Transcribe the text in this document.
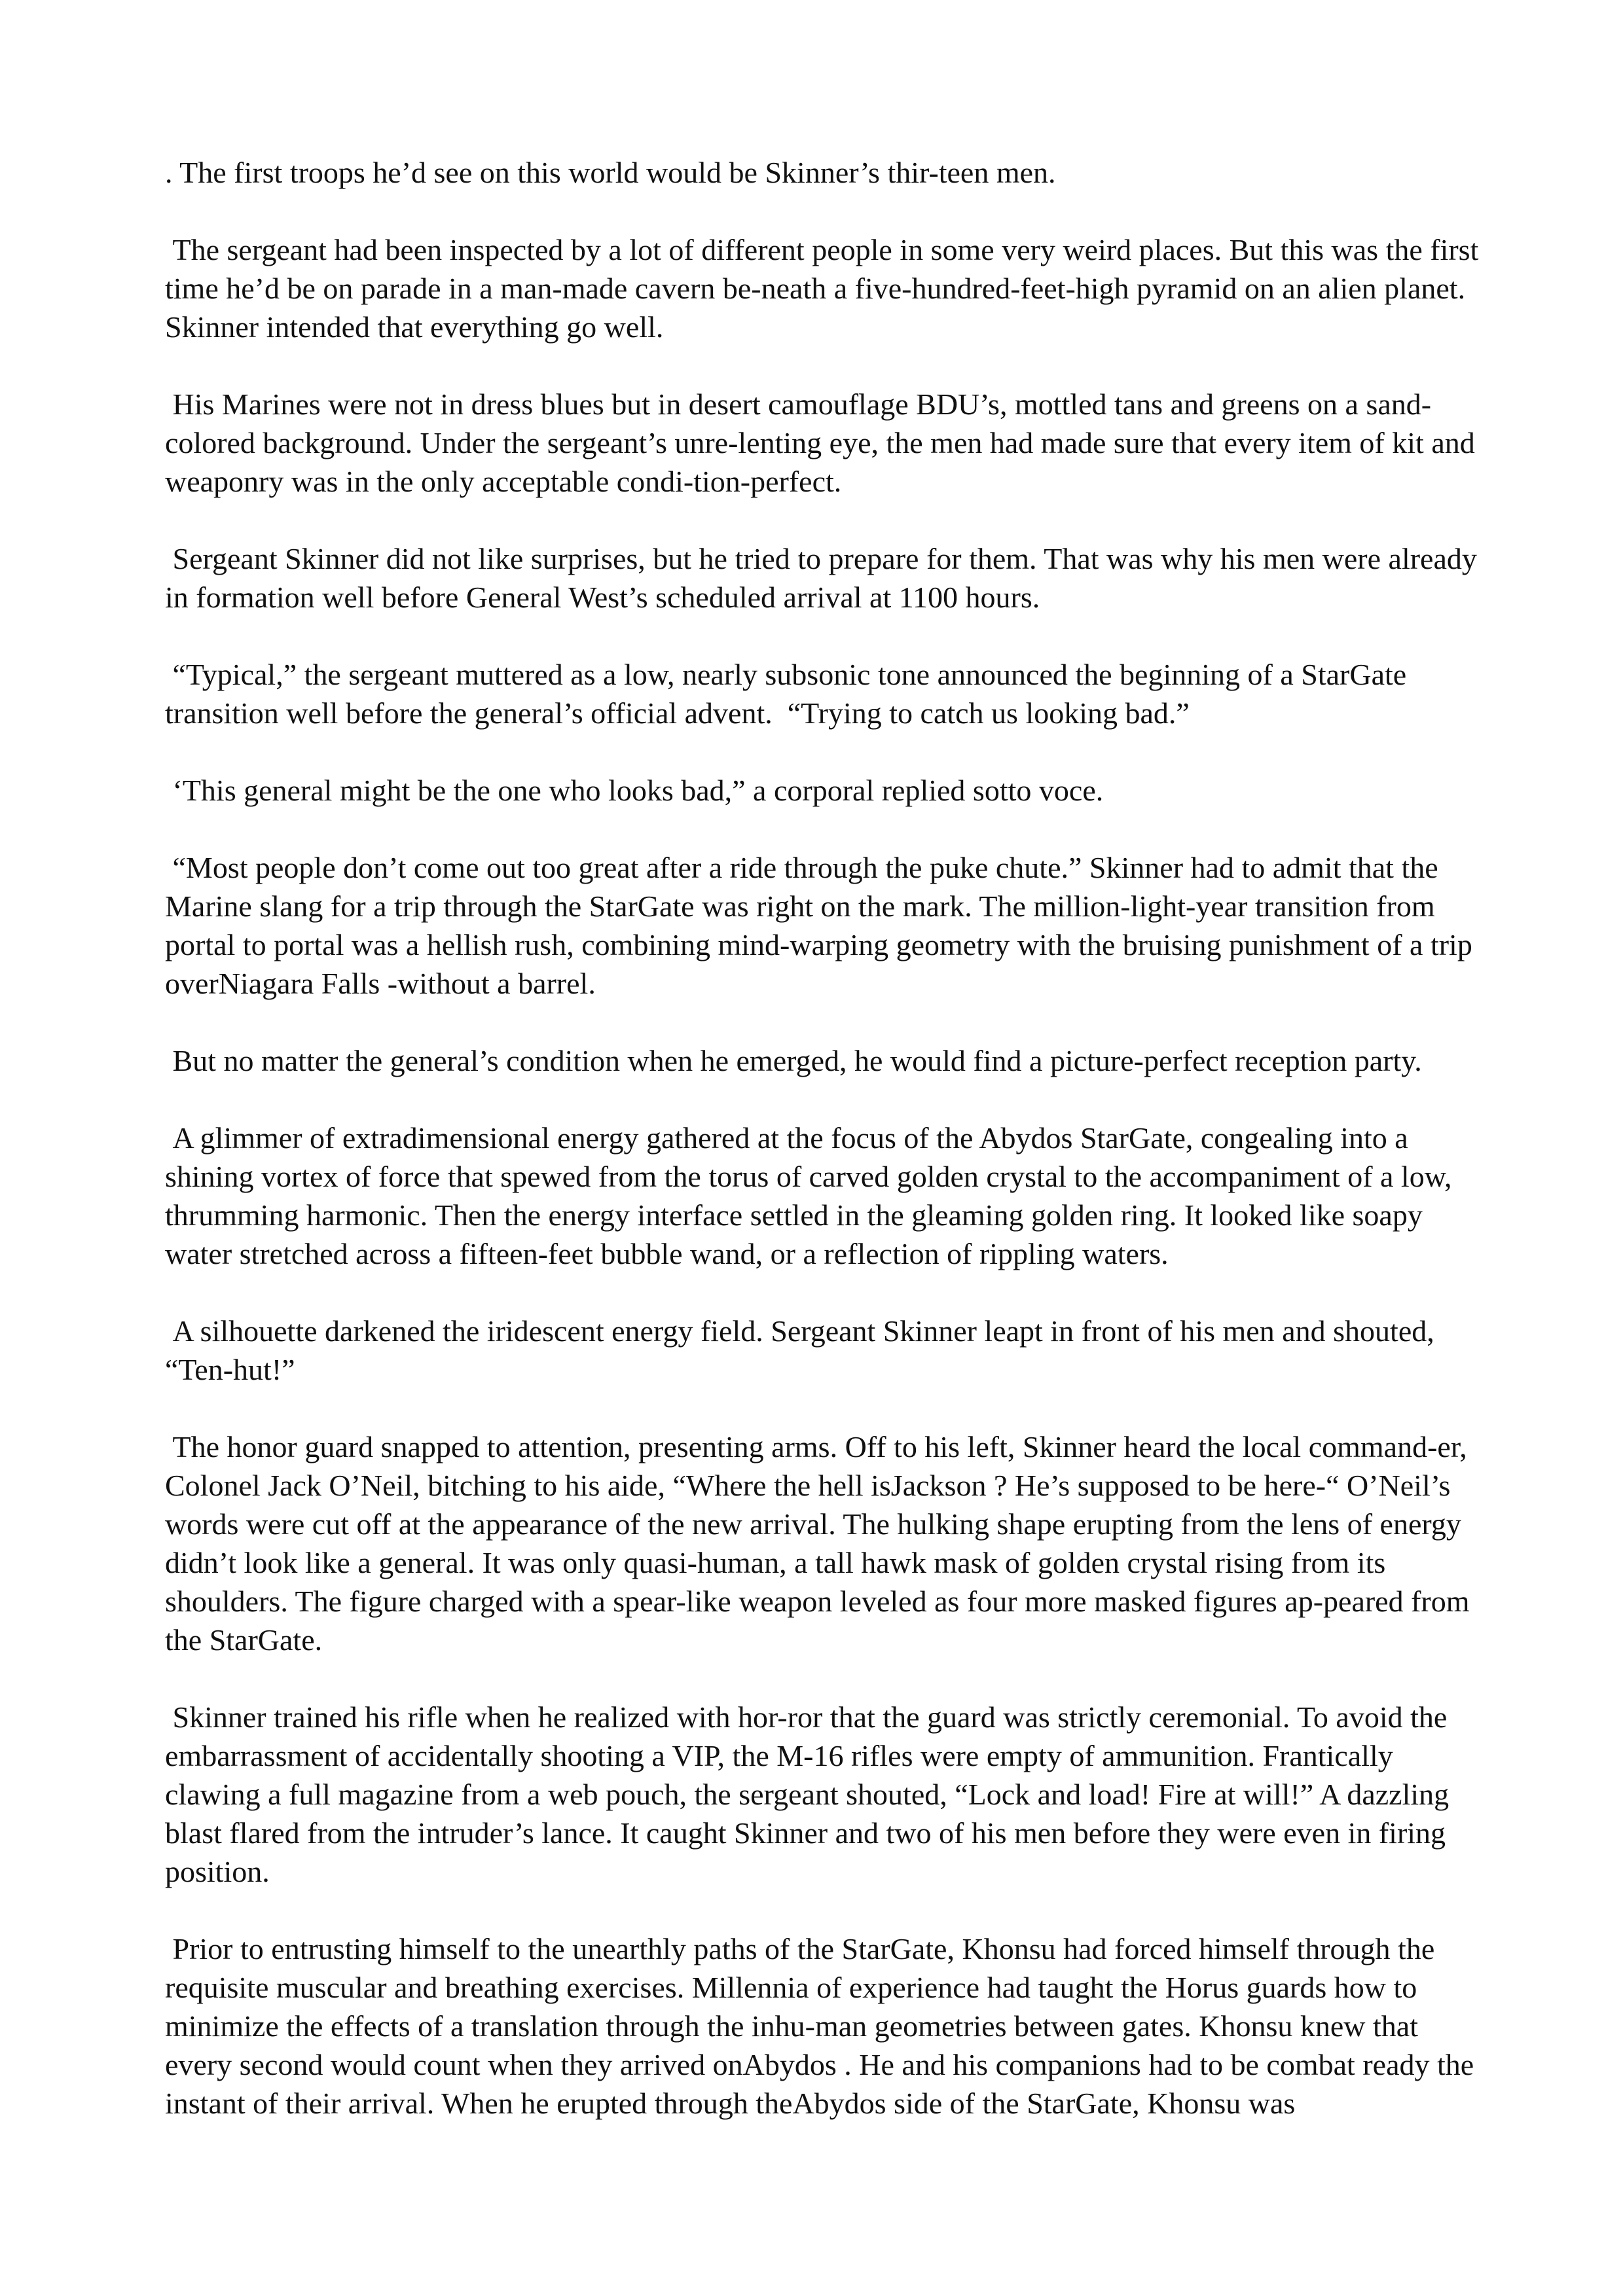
. The first troops he’d see on this world would be Skinner’s thir-teen men.

The sergeant had been inspected by a lot of different people in some very weird places. But this was the first time he’d be on parade in a man-made cavern be-neath a five-hundred-feet-high pyramid on an alien planet. Skinner intended that everything go well.

His Marines were not in dress blues but in desert camouflage BDU’s, mottled tans and greens on a sand-colored background. Under the sergeant’s unre-lenting eye, the men had made sure that every item of kit and weaponry was in the only acceptable condi-tion-perfect.

Sergeant Skinner did not like surprises, but he tried to prepare for them. That was why his men were already in formation well before General West’s scheduled arrival at 1100 hours.

“Typical,” the sergeant muttered as a low, nearly subsonic tone announced the beginning of a StarGate transition well before the general’s official advent.  “Trying to catch us looking bad.”

‘This general might be the one who looks bad,” a corporal replied sotto voce.

“Most people don’t come out too great after a ride through the puke chute.” Skinner had to admit that the Marine slang for a trip through the StarGate was right on the mark. The million-light-year transition from portal to portal was a hellish rush, combining mind-warping geometry with the bruising punishment of a trip overNiagara Falls -without a barrel.

But no matter the general’s condition when he emerged, he would find a picture-perfect reception party.

A glimmer of extradimensional energy gathered at the focus of the Abydos StarGate, congealing into a shining vortex of force that spewed from the torus of carved golden crystal to the accompaniment of a low, thrumming harmonic. Then the energy interface settled in the gleaming golden ring. It looked like soapy water stretched across a fifteen-feet bubble wand, or a reflection of rippling waters.

A silhouette darkened the iridescent energy field. Sergeant Skinner leapt in front of his men and shouted, “Ten-hut!”

The honor guard snapped to attention, presenting arms. Off to his left, Skinner heard the local command-er, Colonel Jack O’Neil, bitching to his aide, “Where the hell isJackson ? He’s supposed to be here-“ O’Neil’s words were cut off at the appearance of the new arrival. The hulking shape erupting from the lens of energy didn’t look like a general. It was only quasi-human, a tall hawk mask of golden crystal rising from its shoulders. The figure charged with a spear-like weapon leveled as four more masked figures ap-peared from the StarGate.

Skinner trained his rifle when he realized with hor-ror that the guard was strictly ceremonial. To avoid the embarrassment of accidentally shooting a VIP, the M-16 rifles were empty of ammunition. Frantically clawing a full magazine from a web pouch, the sergeant shouted, “Lock and load! Fire at will!” A dazzling blast flared from the intruder’s lance. It caught Skinner and two of his men before they were even in firing position.

Prior to entrusting himself to the unearthly paths of the StarGate, Khonsu had forced himself through the requisite muscular and breathing exercises. Millennia of experience had taught the Horus guards how to minimize the effects of a translation through the inhu-man geometries between gates. Khonsu knew that every second would count when they arrived onAbydos . He and his companions had to be combat ready the instant of their arrival. When he erupted through theAbydos side of the StarGate, Khonsu was
